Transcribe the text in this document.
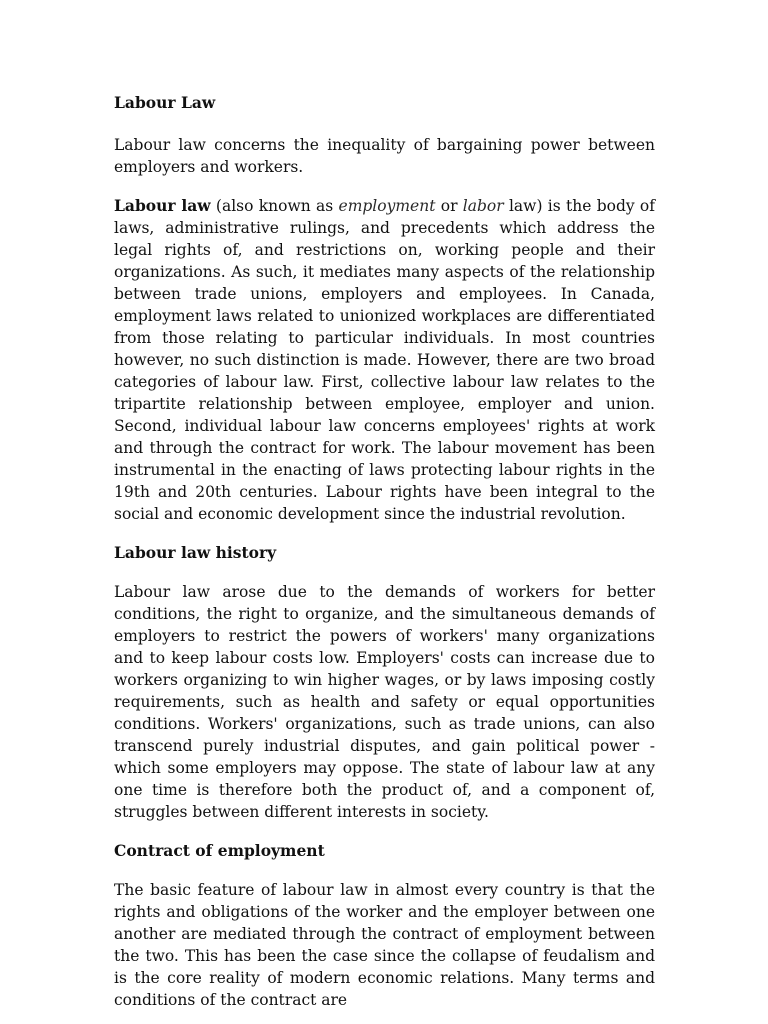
Labour Law

Labour law concerns the inequality of bargaining power between employers and workers.

Labour law (also known as employment or labor law) is the body of laws, administrative rulings, and precedents which address the legal rights of, and restrictions on, working people and their organizations. As such, it mediates many aspects of the relationship between trade unions, employers and employees. In Canada, employment laws related to unionized workplaces are differentiated from those relating to particular individuals. In most countries however, no such distinction is made. However, there are two broad categories of labour law. First, collective labour law relates to the tripartite relationship between employee, employer and union. Second, individual labour law concerns employees' rights at work and through the contract for work. The labour movement has been instrumental in the enacting of laws protecting labour rights in the 19th and 20th centuries. Labour rights have been integral to the social and economic development since the industrial revolution.

Labour law history

Labour law arose due to the demands of workers for better conditions, the right to organize, and the simultaneous demands of employers to restrict the powers of workers' many organizations and to keep labour costs low. Employers' costs can increase due to workers organizing to win higher wages, or by laws imposing costly requirements, such as health and safety or equal opportunities conditions. Workers' organizations, such as trade unions, can also transcend purely industrial disputes, and gain political power - which some employers may oppose. The state of labour law at any one time is therefore both the product of, and a component of, struggles between different interests in society.

Contract of employment

The basic feature of labour law in almost every country is that the rights and obligations of the worker and the employer between one another are mediated through the contract of employment between the two. This has been the case since the collapse of feudalism and is the core reality of modern economic relations. Many terms and conditions of the contract are
